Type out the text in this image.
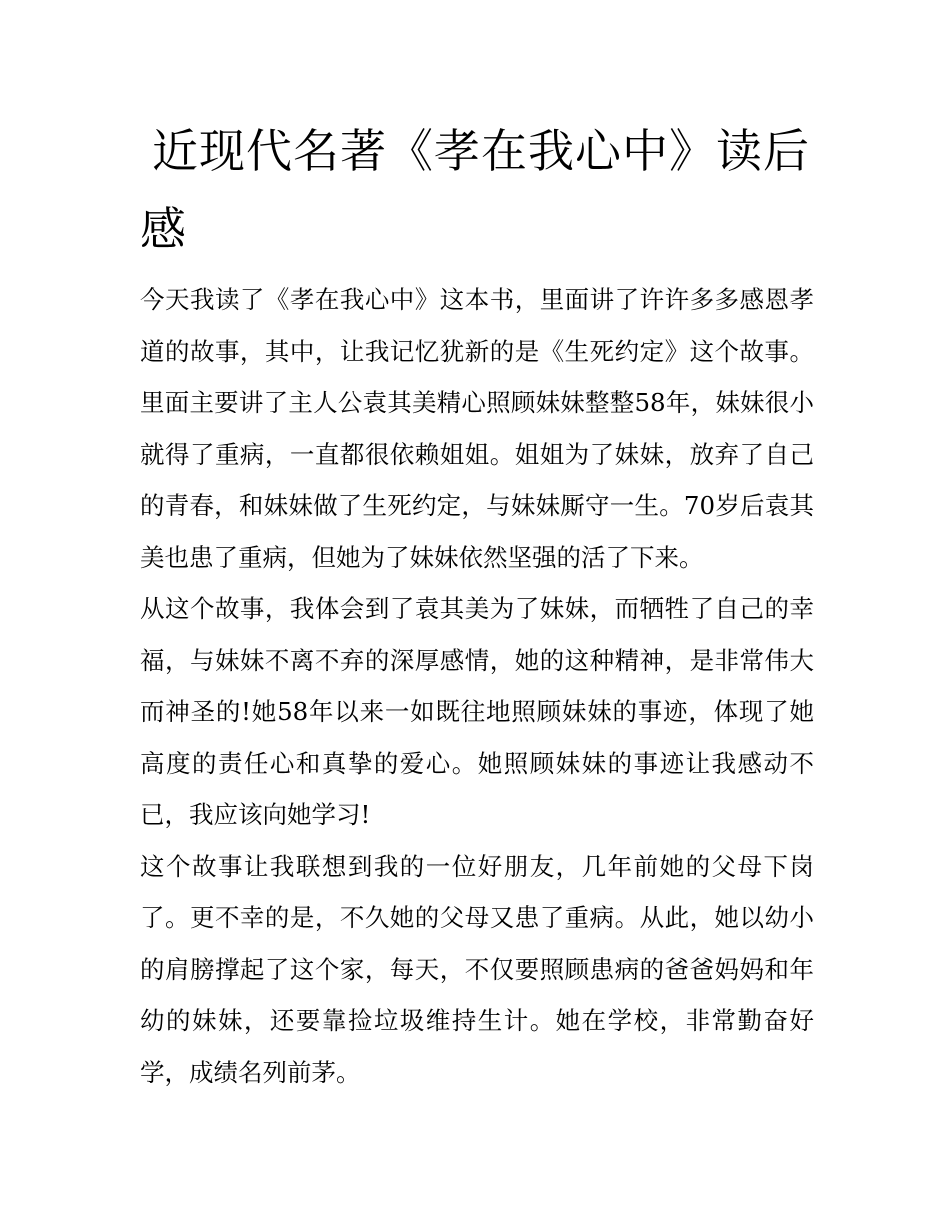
近现代名著《孝在我心中》读后感

今天我读了《孝在我心中》这本书，里面讲了许许多多感恩孝道的故事，其中，让我记忆犹新的是《生死约定》这个故事。里面主要讲了主人公袁其美精心照顾妹妹整整58年，妹妹很小就得了重病，一直都很依赖姐姐。姐姐为了妹妹，放弃了自己的青春，和妹妹做了生死约定，与妹妹厮守一生。70岁后袁其美也患了重病，但她为了妹妹依然坚强的活了下来。

从这个故事，我体会到了袁其美为了妹妹，而牺牲了自己的幸福，与妹妹不离不弃的深厚感情，她的这种精神，是非常伟大而神圣的!她58年以来一如既往地照顾妹妹的事迹，体现了她高度的责任心和真挚的爱心。她照顾妹妹的事迹让我感动不已，我应该向她学习!

这个故事让我联想到我的一位好朋友，几年前她的父母下岗了。更不幸的是，不久她的父母又患了重病。从此，她以幼小的肩膀撑起了这个家，每天，不仅要照顾患病的爸爸妈妈和年幼的妹妹，还要靠捡垃圾维持生计。她在学校，非常勤奋好学，成绩名列前茅。
